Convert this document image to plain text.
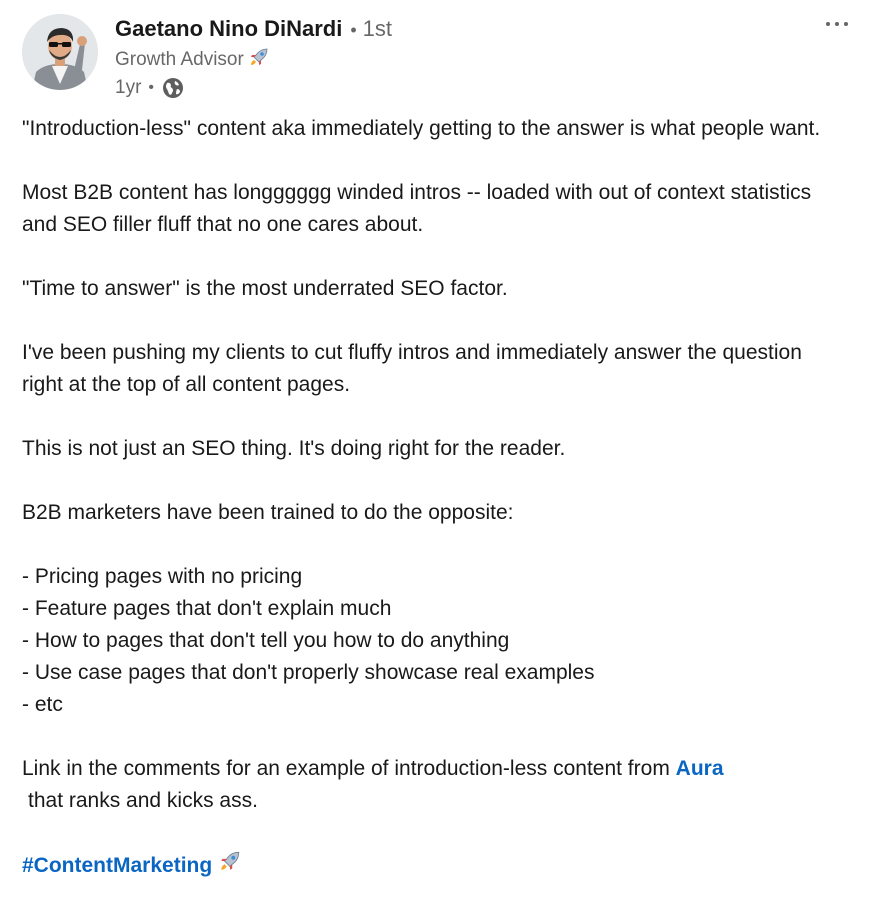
Gaetano Nino DiNardi • 1st
Growth Advisor
1yr •

"Introduction-less" content aka immediately getting to the answer is what people want.

Most B2B content has longggggg winded intros -- loaded with out of context statistics and SEO filler fluff that no one cares about.

"Time to answer" is the most underrated SEO factor.

I've been pushing my clients to cut fluffy intros and immediately answer the question right at the top of all content pages.

This is not just an SEO thing. It's doing right for the reader.

B2B marketers have been trained to do the opposite:

- Pricing pages with no pricing
- Feature pages that don't explain much
- How to pages that don't tell you how to do anything
- Use case pages that don't properly showcase real examples
- etc

Link in the comments for an example of introduction-less content from Aura
that ranks and kicks ass.

#ContentMarketing
